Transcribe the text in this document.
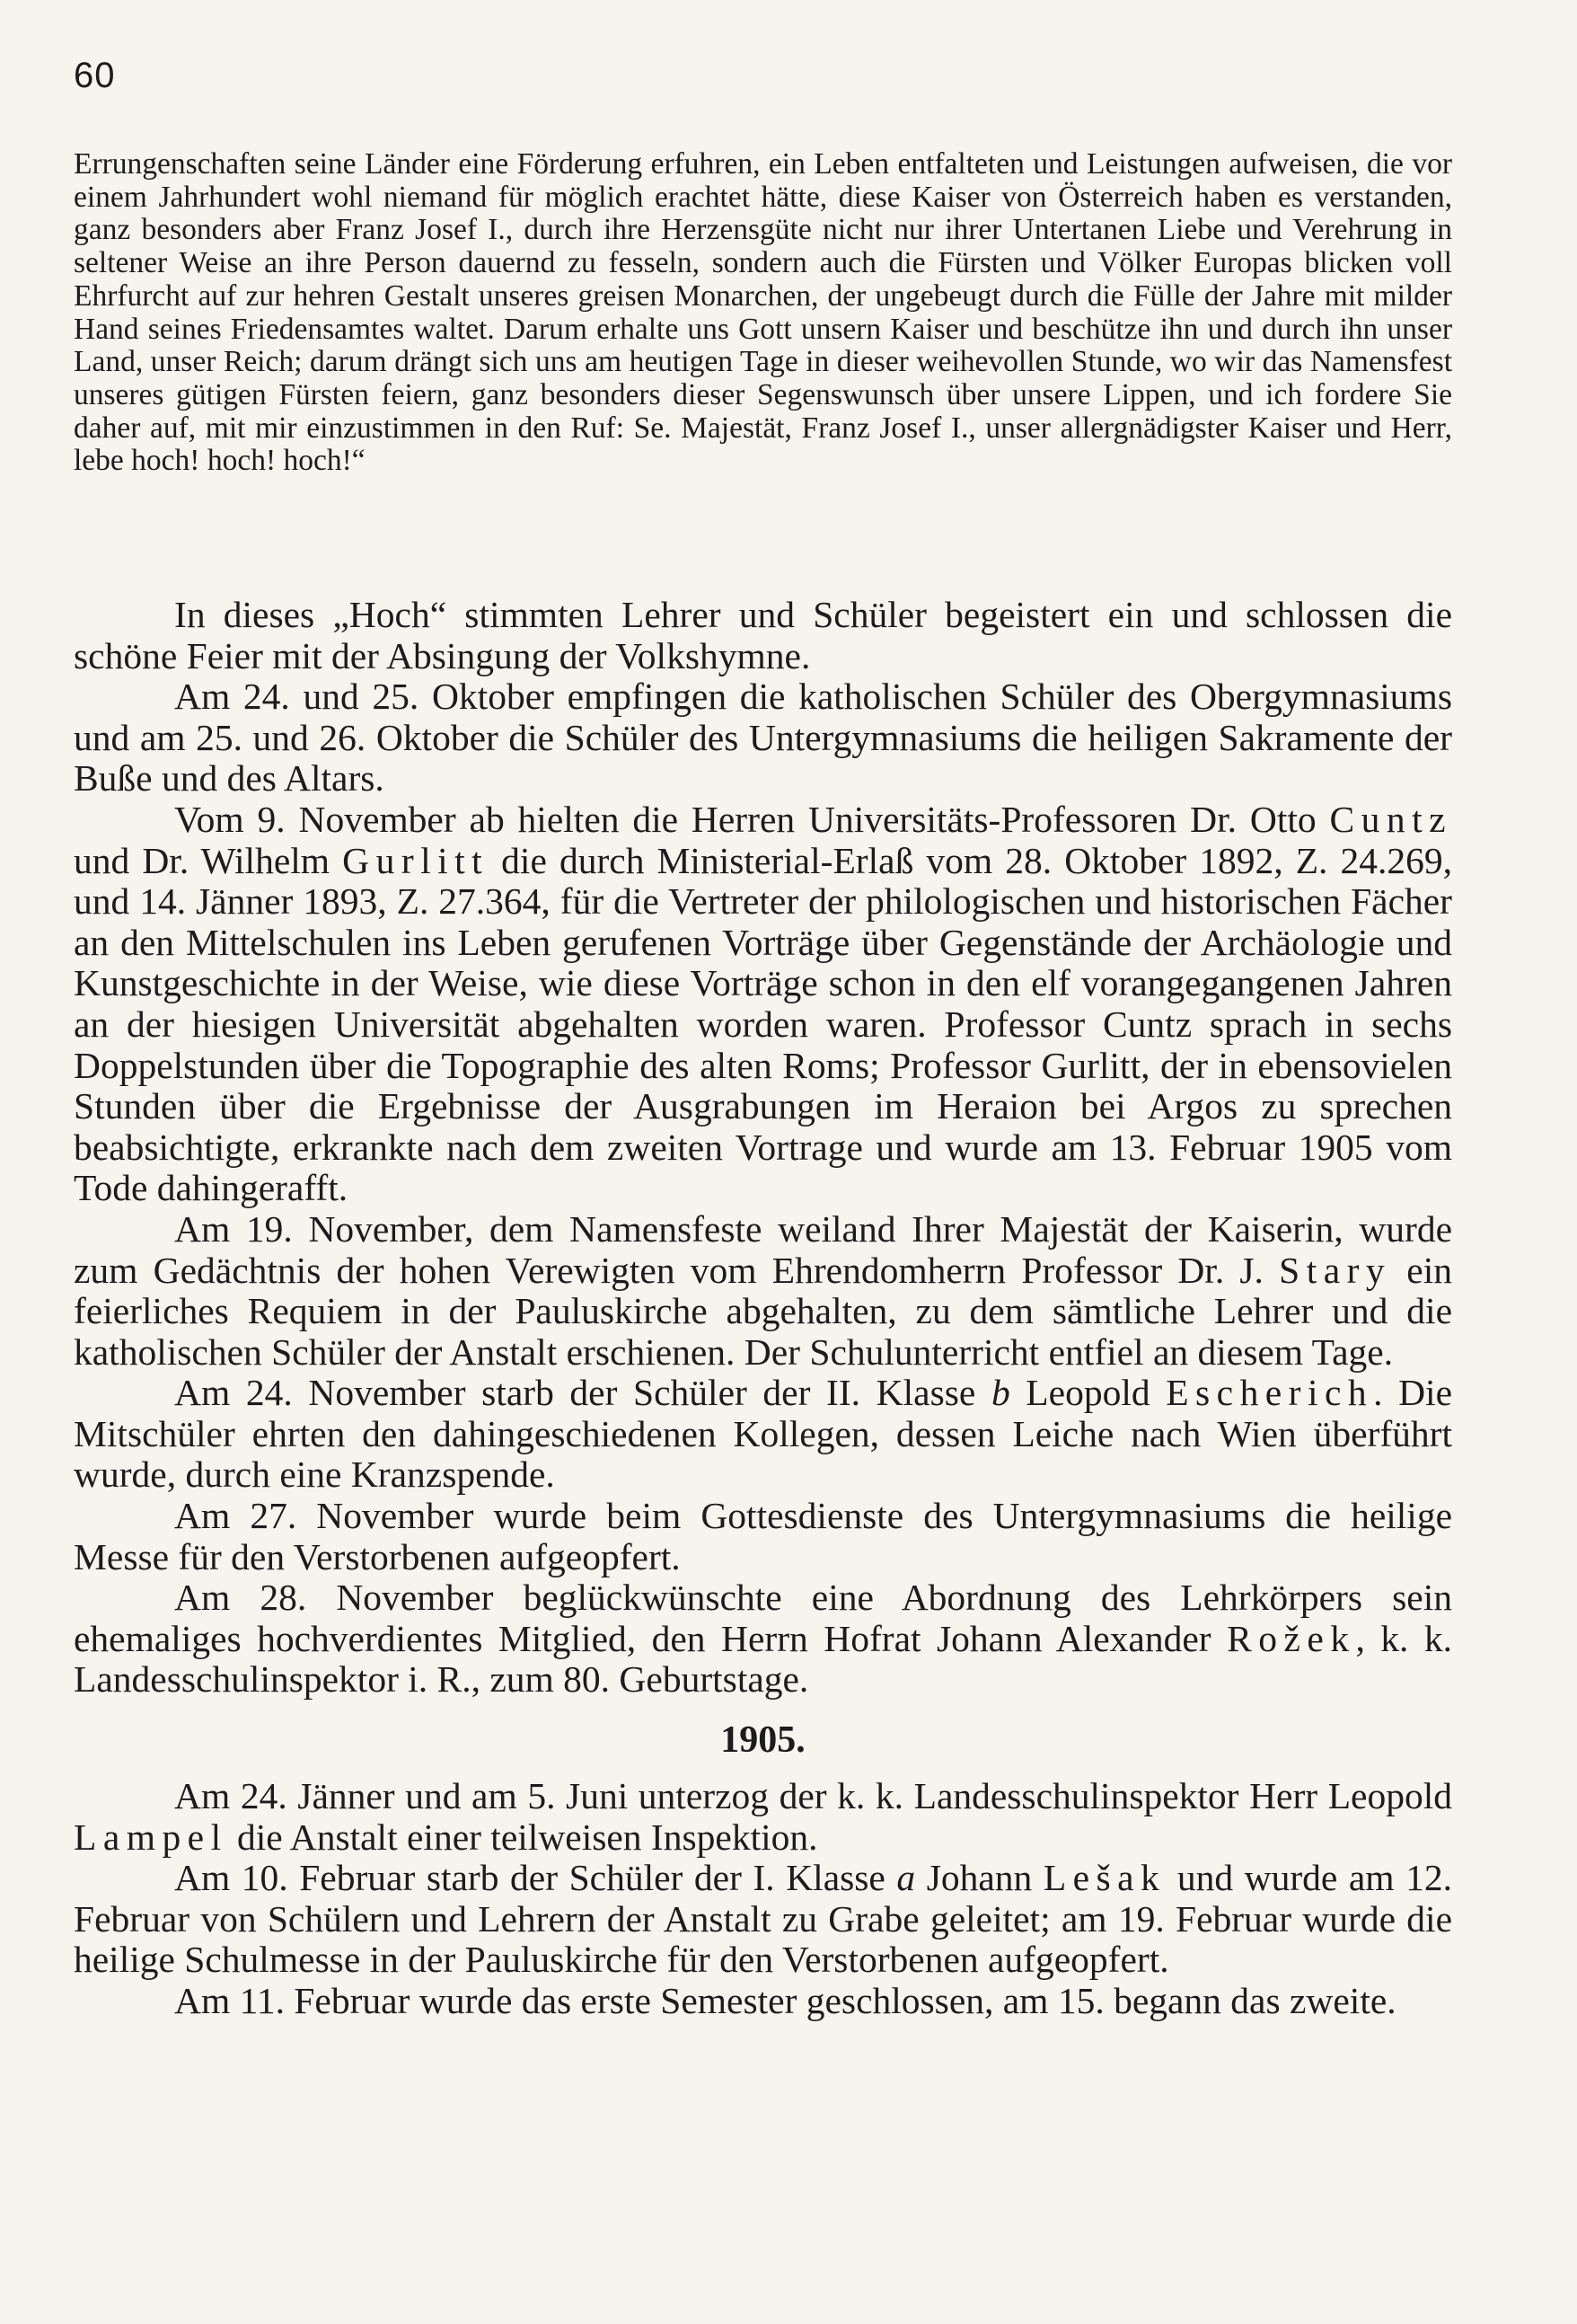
60

Errungenschaften seine Länder eine Förderung erfuhren, ein Leben entfalteten und Leistungen aufweisen, die vor einem Jahrhundert wohl niemand für möglich erachtet hätte, diese Kaiser von Österreich haben es verstanden, ganz besonders aber Franz Josef I., durch ihre Herzensgüte nicht nur ihrer Untertanen Liebe und Verehrung in seltener Weise an ihre Person dauernd zu fesseln, sondern auch die Fürsten und Völker Europas blicken voll Ehrfurcht auf zur hehren Gestalt unseres greisen Monarchen, der ungebeugt durch die Fülle der Jahre mit milder Hand seines Friedensamtes waltet. Darum erhalte uns Gott unsern Kaiser und beschütze ihn und durch ihn unser Land, unser Reich; darum drängt sich uns am heutigen Tage in dieser weihevollen Stunde, wo wir das Namensfest unseres gütigen Fürsten feiern, ganz besonders dieser Segenswunsch über unsere Lippen, und ich fordere Sie daher auf, mit mir einzustimmen in den Ruf: Se. Majestät, Franz Josef I., unser allergnädigster Kaiser und Herr, lebe hoch! hoch! hoch!“

In dieses „Hoch“ stimmten Lehrer und Schüler begeistert ein und schlossen die schöne Feier mit der Absingung der Volkshymne.

Am 24. und 25. Oktober empfingen die katholischen Schüler des Obergymnasiums und am 25. und 26. Oktober die Schüler des Untergymnasiums die heiligen Sakramente der Buße und des Altars.

Vom 9. November ab hielten die Herren Universitäts-Professoren Dr. Otto Cuntz und Dr. Wilhelm Gurlitt die durch Ministerial-Erlaß vom 28. Oktober 1892, Z. 24.269, und 14. Jänner 1893, Z. 27.364, für die Vertreter der philologischen und historischen Fächer an den Mittelschulen ins Leben gerufenen Vorträge über Gegenstände der Archäologie und Kunstgeschichte in der Weise, wie diese Vorträge schon in den elf vorangegangenen Jahren an der hiesigen Universität abgehalten worden waren. Professor Cuntz sprach in sechs Doppelstunden über die Topographie des alten Roms; Professor Gurlitt, der in ebensovielen Stunden über die Ergebnisse der Ausgrabungen im Heraion bei Argos zu sprechen beabsichtigte, erkrankte nach dem zweiten Vortrage und wurde am 13. Februar 1905 vom Tode dahingerafft.

Am 19. November, dem Namensfeste weiland Ihrer Majestät der Kaiserin, wurde zum Gedächtnis der hohen Verewigten vom Ehrendomherrn Professor Dr. J. Stary ein feierliches Requiem in der Pauluskirche abgehalten, zu dem sämtliche Lehrer und die katholischen Schüler der Anstalt erschienen. Der Schulunterricht entfiel an diesem Tage.

Am 24. November starb der Schüler der II. Klasse b Leopold Escherich. Die Mitschüler ehrten den dahingeschiedenen Kollegen, dessen Leiche nach Wien überführt wurde, durch eine Kranzspende.

Am 27. November wurde beim Gottesdienste des Untergymnasiums die heilige Messe für den Verstorbenen aufgeopfert.

Am 28. November beglückwünschte eine Abordnung des Lehrkörpers sein ehemaliges hochverdientes Mitglied, den Herrn Hofrat Johann Alexander Rožek, k. k. Landesschulinspektor i. R., zum 80. Geburtstage.

1905.

Am 24. Jänner und am 5. Juni unterzog der k. k. Landesschulinspektor Herr Leopold Lampel die Anstalt einer teilweisen Inspektion.

Am 10. Februar starb der Schüler der I. Klasse a Johann Lešak und wurde am 12. Februar von Schülern und Lehrern der Anstalt zu Grabe geleitet; am 19. Februar wurde die heilige Schulmesse in der Pauluskirche für den Verstorbenen aufgeopfert.

Am 11. Februar wurde das erste Semester geschlossen, am 15. begann das zweite.
